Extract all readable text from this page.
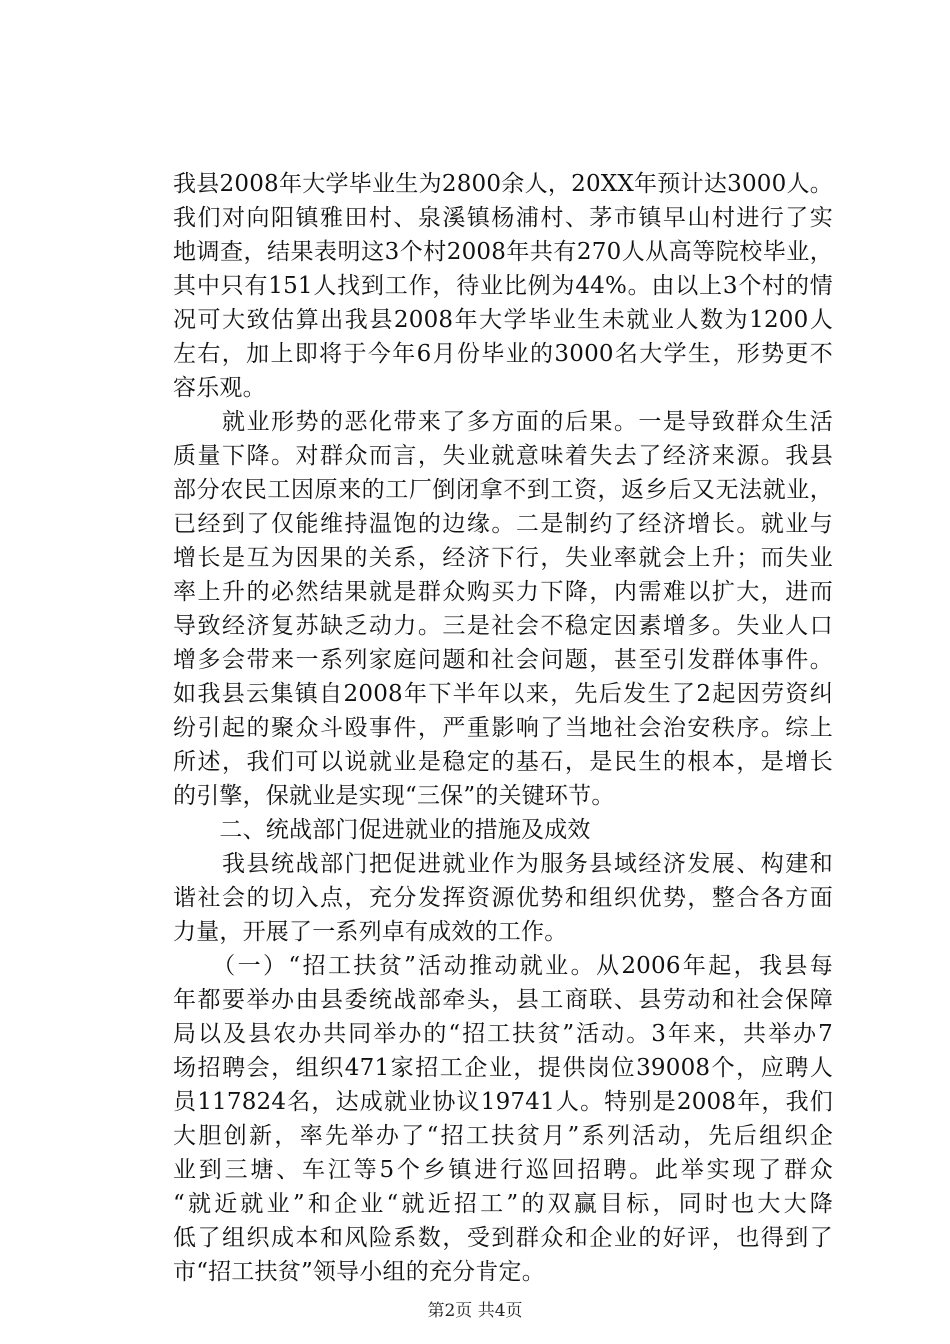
我县2008年大学毕业生为2800余人，20XX年预计达3000人。
我们对向阳镇雅田村、泉溪镇杨浦村、茅市镇早山村进行了实
地调查，结果表明这3个村2008年共有270人从高等院校毕业，
其中只有151人找到工作，待业比例为44%。由以上3个村的情
况可大致估算出我县2008年大学毕业生未就业人数为1200人
左右，加上即将于今年6月份毕业的3000名大学生，形势更不
容乐观。
　　就业形势的恶化带来了多方面的后果。一是导致群众生活
质量下降。对群众而言，失业就意味着失去了经济来源。我县
部分农民工因原来的工厂倒闭拿不到工资，返乡后又无法就业，
已经到了仅能维持温饱的边缘。二是制约了经济增长。就业与
增长是互为因果的关系，经济下行，失业率就会上升；而失业
率上升的必然结果就是群众购买力下降，内需难以扩大，进而
导致经济复苏缺乏动力。三是社会不稳定因素增多。失业人口
增多会带来一系列家庭问题和社会问题，甚至引发群体事件。
如我县云集镇自2008年下半年以来，先后发生了2起因劳资纠
纷引起的聚众斗殴事件，严重影响了当地社会治安秩序。综上
所述，我们可以说就业是稳定的基石，是民生的根本，是增长
的引擎，保就业是实现“三保”的关键环节。
　　二、统战部门促进就业的措施及成效
　　我县统战部门把促进就业作为服务县域经济发展、构建和
谐社会的切入点，充分发挥资源优势和组织优势，整合各方面
力量，开展了一系列卓有成效的工作。
　　（一）“招工扶贫”活动推动就业。从2006年起，我县每
年都要举办由县委统战部牵头，县工商联、县劳动和社会保障
局以及县农办共同举办的“招工扶贫”活动。3年来，共举办7
场招聘会，组织471家招工企业，提供岗位39008个，应聘人
员117824名，达成就业协议19741人。特别是2008年，我们
大胆创新，率先举办了“招工扶贫月”系列活动，先后组织企
业到三塘、车江等5个乡镇进行巡回招聘。此举实现了群众
“就近就业”和企业“就近招工”的双赢目标，同时也大大降
低了组织成本和风险系数，受到群众和企业的好评，也得到了
市“招工扶贫”领导小组的充分肯定。
第2页 共4页
